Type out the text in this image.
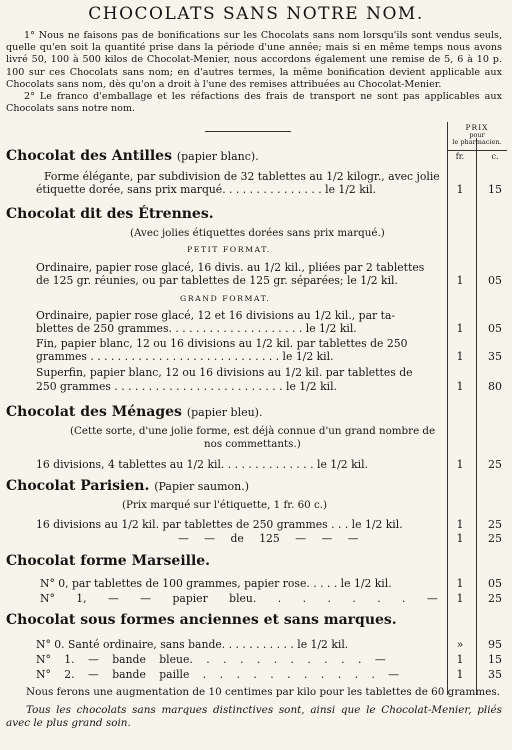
CHOCOLATS SANS NOTRE NOM.

1° Nous ne faisons pas de bonifications sur les Chocolats sans nom lorsqu'ils sont vendus seuls, quelle qu'en soit la quantité prise dans la période d'une année; mais si en même temps nous avons livré 50, 100 à 500 kilos de Chocolat-Menier, nous accordons également une remise de 5, 6 à 10 p. 100 sur ces Chocolats sans nom; en d'autres termes, la même bonification devient applicable aux Chocolats sans nom, dès qu'on a droit à l'une des remises attribuées au Chocolat-Menier.

2° Le franco d'emballage et les réfactions des frais de transport ne sont pas applicables aux Chocolats sans notre nom.

PRIX
pour
le pharmacien.
fr.	c.
Chocolat des Antilles (papier blanc).
Forme élégante, par subdivision de 32 tablettes au 1/2 kilogr., avec jolie
étiquette dorée, sans prix marqué. . . . . . . . . . . . . . . le 1/2 kil.	1	15
Chocolat dit des Étrennes.
(Avec jolies étiquettes dorées sans prix marqué.)
PETIT FORMAT.
Ordinaire, papier rose glacé, 16 divis. au 1/2 kil., pliées par 2 tablettes
de 125 gr. réunies, ou par tablettes de 125 gr. séparées; le 1/2 kil.	1	05
GRAND FORMAT.
Ordinaire, papier rose glacé, 12 et 16 divisions au 1/2 kil., par ta-
blettes de 250 grammes. . . . . . . . . . . . . . . . . . . . le 1/2 kil.	1	05
Fin, papier blanc, 12 ou 16 divisions au 1/2 kil. par tablettes de 250
grammes . . . . . . . . . . . . . . . . . . . . . . . . . . . . le 1/2 kil.	1	35
Superfin, papier blanc, 12 ou 16 divisions au 1/2 kil. par tablettes de
250 grammes . . . . . . . . . . . . . . . . . . . . . . . . . le 1/2 kil.	1	80
Chocolat des Ménages (papier bleu).
(Cette sorte, d'une jolie forme, est déjà connue d'un grand nombre de
nos commettants.)
16 divisions, 4 tablettes au 1/2 kil. . . . . . . . . . . . . . le 1/2 kil.	1	25
Chocolat Parisien. (Papier saumon.)
(Prix marqué sur l'étiquette, 1 fr. 60 c.)
16 divisions au 1/2 kil. par tablettes de 250 grammes . . . le 1/2 kil.	1	25
— — de 125 — — —	1	25
Chocolat forme Marseille.
N° 0, par tablettes de 100 grammes, papier rose. . . . . le 1/2 kil.	1	05
N° 1, — — papier bleu. . . . . . . —	1	25
Chocolat sous formes anciennes et sans marques.
N° 0. Santé ordinaire, sans bande. . . . . . . . . . . le 1/2 kil.	»	95
N° 1. — bande bleue. . . . . . . . . . . —	1	15
N° 2. — bande paille . . . . . . . . . . . —	1	35
Nous ferons une augmentation de 10 centimes par kilo pour les tablettes de 60 grammes.
Tous les chocolats sans marques distinctives sont, ainsi que le Chocolat-Menier, pliés avec le plus grand soin.
